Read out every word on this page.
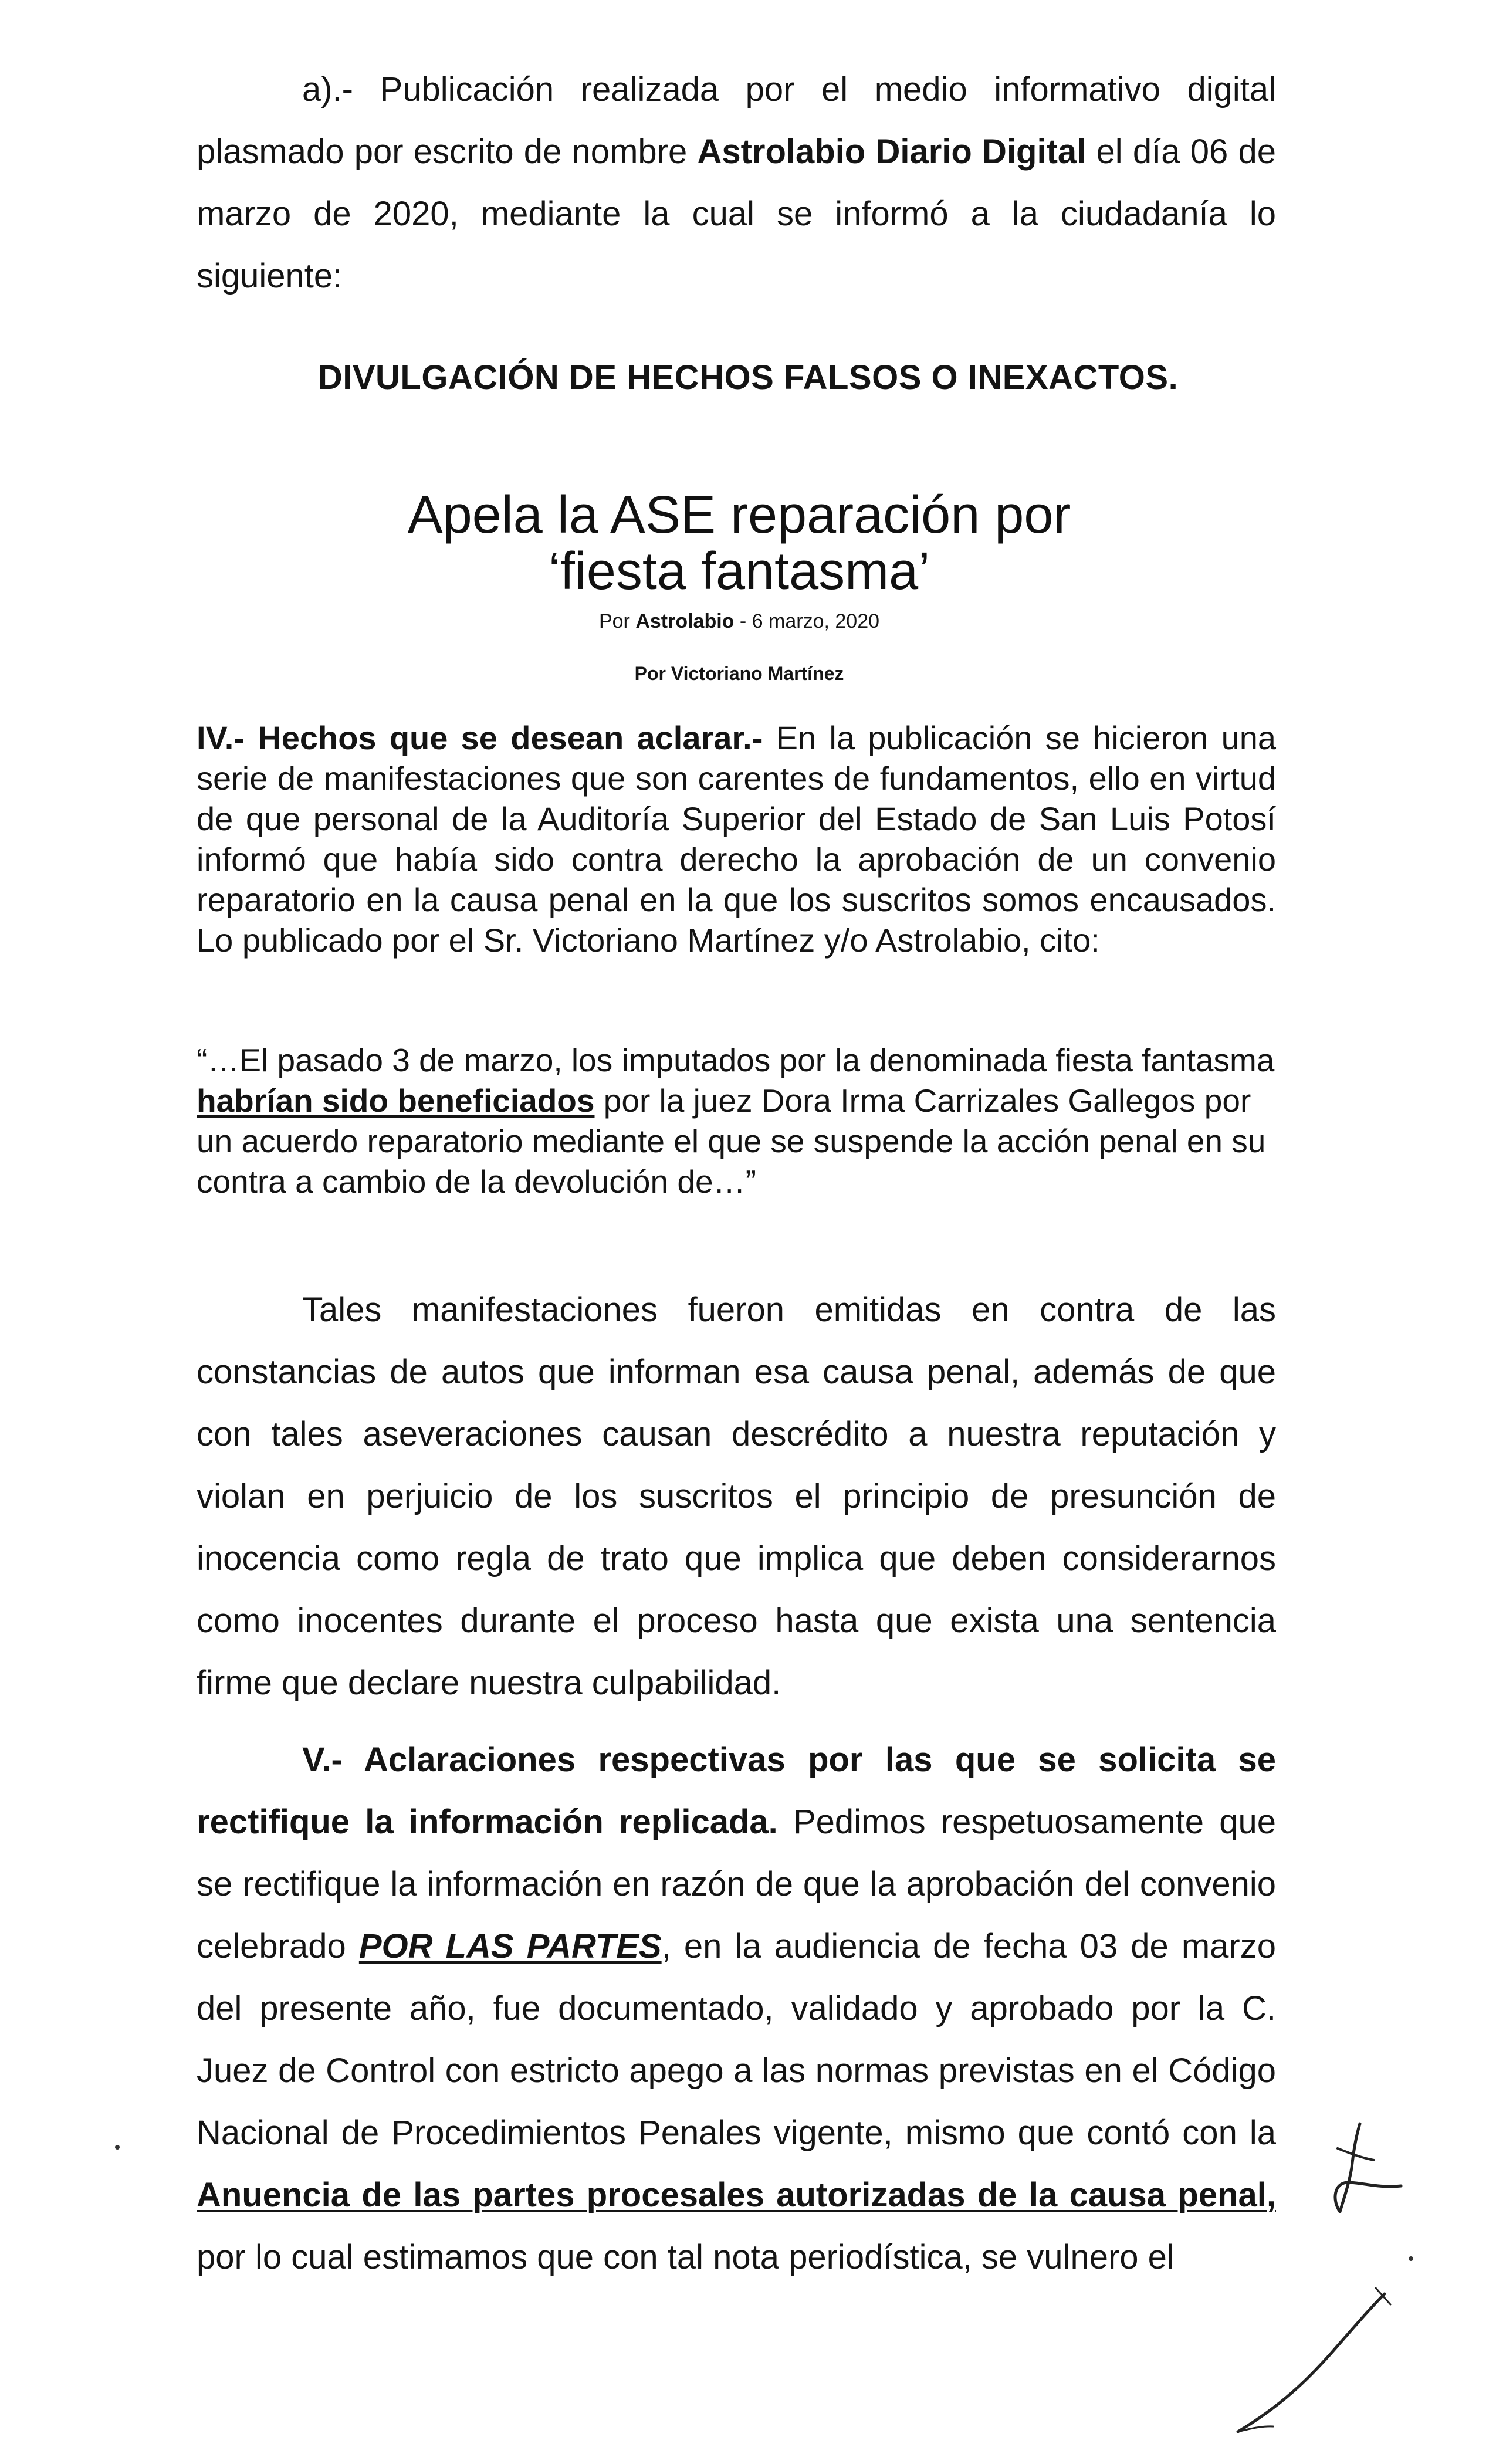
a).- Publicación realizada por el medio informativo digital plasmado por escrito de nombre Astrolabio Diario Digital el día 06 de marzo de 2020, mediante la cual se informó a la ciudadanía lo siguiente:

DIVULGACIÓN DE HECHOS FALSOS O INEXACTOS.

Apela la ASE reparación por
‘fiesta fantasma’

Por Astrolabio - 6 marzo, 2020

Por Victoriano Martínez

IV.- Hechos que se desean aclarar.- En la publicación se hicieron una serie de manifestaciones que son carentes de fundamentos, ello en virtud de que personal de la Auditoría Superior del Estado de San Luis Potosí informó que había sido contra derecho la aprobación de un convenio reparatorio en la causa penal en la que los suscritos somos encausados. Lo publicado por el Sr. Victoriano Martínez y/o Astrolabio, cito:

“…El pasado 3 de marzo, los imputados por la denominada fiesta fantasma habrían sido beneficiados por la juez Dora Irma Carrizales Gallegos por un acuerdo reparatorio mediante el que se suspende la acción penal en su contra a cambio de la devolución de…”

Tales manifestaciones fueron emitidas en contra de las constancias de autos que informan esa causa penal, además de que con tales aseveraciones causan descrédito a nuestra reputación y violan en perjuicio de los suscritos el principio de presunción de inocencia como regla de trato que implica que deben considerarnos como inocentes durante el proceso hasta que exista una sentencia firme que declare nuestra culpabilidad.

V.- Aclaraciones respectivas por las que se solicita se rectifique la información replicada. Pedimos respetuosamente que se rectifique la información en razón de que la aprobación del convenio celebrado POR LAS PARTES, en la audiencia de fecha 03 de marzo del presente año, fue documentado, validado y aprobado por la C. Juez de Control con estricto apego a las normas previstas en el Código Nacional de Procedimientos Penales vigente, mismo que contó con la Anuencia de las partes procesales autorizadas de la causa penal, por lo cual estimamos que con tal nota periodística, se vulnero el
